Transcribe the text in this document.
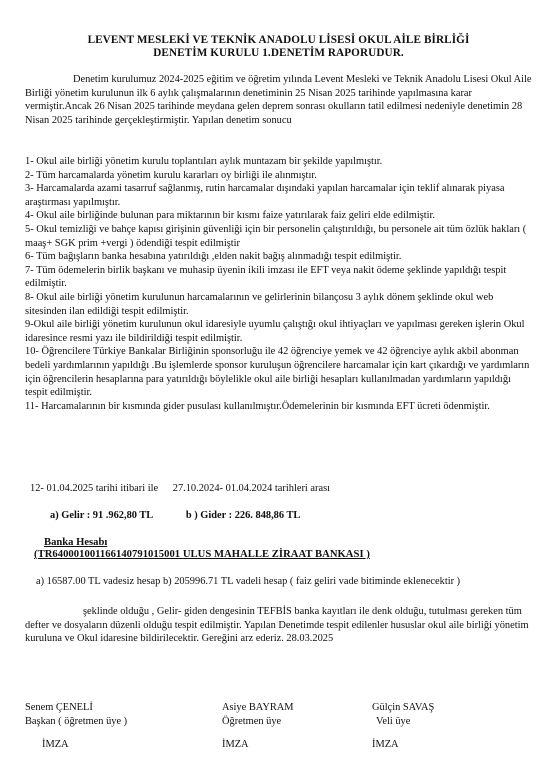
LEVENT MESLEKİ VE TEKNİK ANADOLU LİSESİ OKUL AİLE BİRLİĞİ
DENETİM KURULU 1.DENETİM RAPORUDUR.

Denetim kurulumuz 2024-2025 eğitim ve öğretim yılında Levent Mesleki ve Teknik Anadolu Lisesi Okul Aile Birliği yönetim kurulunun ilk 6 aylık çalışmalarının denetiminin 25 Nisan 2025 tarihinde yapılmasına karar vermiştir.Ancak 26 Nisan 2025 tarihinde meydana gelen deprem sonrası okulların tatil edilmesi nedeniyle denetimin 28 Nisan 2025 tarihinde gerçekleştirmiştir. Yapılan denetim sonucu

1- Okul aile birliği yönetim kurulu toplantıları aylık muntazam bir şekilde yapılmıştır.

2- Tüm harcamalarda yönetim kurulu kararları oy birliği ile alınmıştır.

3- Harcamalarda azami tasarruf sağlanmış, rutin harcamalar dışındaki yapılan harcamalar için teklif alınarak piyasa araştırması yapılmıştır.

4- Okul aile birliğinde bulunan para miktarının bir kısmı faize yatırılarak faiz geliri elde edilmiştir.

5- Okul temizliği ve bahçe kapısı girişinin güvenliği için bir personelin çalıştırıldığı, bu personele ait tüm özlük hakları ( maaş+ SGK prim +vergi ) ödendiği tespit edilmiştir

6- Tüm bağışların banka hesabına yatırıldığı ,elden nakit bağış alınmadığı tespit edilmiştir.

7- Tüm ödemelerin birlik başkanı ve muhasip üyenin ikili imzası ile EFT veya nakit ödeme şeklinde yapıldığı tespit edilmiştir.

8- Okul aile birliği yönetim kurulunun harcamalarının ve gelirlerinin bilançosu 3 aylık dönem şeklinde okul web sitesinden ilan edildiği tespit edilmiştir.

9-Okul aile birliği yönetim kurulunun okul idaresiyle uyumlu çalıştığı okul ihtiyaçları ve yapılması gereken işlerin Okul idaresince resmi yazı ile bildirildiği tespit edilmiştir.

10- Öğrencilere Türkiye Bankalar Birliğinin sponsorluğu ile 42 öğrenciye yemek ve 42 öğrenciye aylık akbil abonman bedeli yardımlarının yapıldığı .Bu işlemlerde sponsor kuruluşun öğrencilere harcamalar için kart çıkardığı ve yardımların için öğrencilerin hesaplarına para yatırıldığı böylelikle okul aile birliği hesapları kullanılmadan yardımların yapıldığı tespit edilmiştir.

11- Harcamalarının bir kısmında gider pusulası kullanılmıştır.Ödemelerinin bir kısmında EFT ücreti ödenmiştir.

12- 01.04.2025 tarihi itibari ile 27.10.2024- 01.04.2024 tarihleri arası
a) Gelir : 91 .962,80 TL	b ) Gider : 226. 848,86 TL
Banka Hesabı
(TR640001001166140791015001 ULUS MAHALLE ZİRAAT BANKASI )
a) 16587.00 TL vadesiz hesap b) 205996.71 TL vadeli hesap ( faiz geliri vade bitiminde eklenecektir )
şeklinde olduğu , Gelir- giden dengesinin TEFBİS banka kayıtları ile denk olduğu, tutulması gereken tüm defter ve dosyaların düzenli olduğu tespit edilmiştir. Yapılan Denetimde tespit edilenler hususlar okul aile birliği yönetim kuruluna ve Okul idaresine bildirilecektir. Gereğini arz ederiz. 28.03.2025
Senem ÇENELİ
Başkan ( öğretmen üye )
Asiye BAYRAM
Öğretmen üye
Gülçin SAVAŞ
Veli üye
İMZA	İMZA	İMZA
